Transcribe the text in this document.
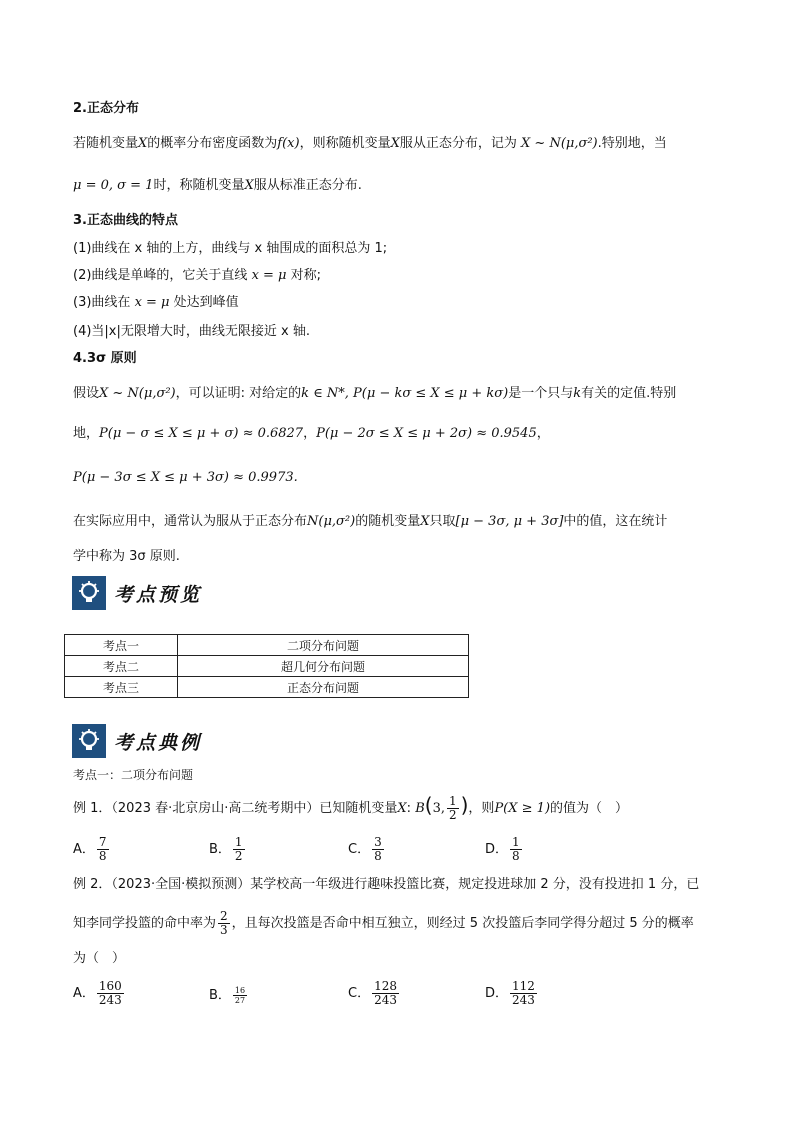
2.正态分布
若随机变量X的概率分布密度函数为f(x)，则称随机变量X服从正态分布，记为 X ~ N(μ,σ²).特别地，当
μ = 0, σ = 1时，称随机变量X服从标准正态分布.
3.正态曲线的特点
(1)曲线在 x 轴的上方，曲线与 x 轴围成的面积总为 1;
(2)曲线是单峰的，它关于直线 x = μ 对称;
(3)曲线在 x = μ 处达到峰值
(4)当|x|无限增大时，曲线无限接近 x 轴.
4.3σ 原则
假设X ~ N(μ,σ²)，可以证明: 对给定的k ∈ N*, P(μ − kσ ≤ X ≤ μ + kσ)是一个只与k有关的定值.特别
地，P(μ − σ ≤ X ≤ μ + σ) ≈ 0.6827，P(μ − 2σ ≤ X ≤ μ + 2σ) ≈ 0.9545，
P(μ − 3σ ≤ X ≤ μ + 3σ) ≈ 0.9973.
在实际应用中，通常认为服从于正态分布N(μ,σ²)的随机变量X只取[μ − 3σ, μ + 3σ]中的值，这在统计
学中称为 3σ 原则.
考点预览
考点一	二项分布问题
考点二	超几何分布问题
考点三	正态分布问题
考点典例
考点一：二项分布问题
例 1．（2023 春·北京房山·高二统考期中）已知随机变量X: B(3, $\frac{1}{2}$ )，则P(X ≥ 1)的值为（　）
A． $\frac{7}{8}$	B． $\frac{1}{2}$	C． $\frac{3}{8}$	D． $\frac{1}{8}$
例 2．（2023·全国·模拟预测）某学校高一年级进行趣味投篮比赛，规定投进球加 2 分，没有投进扣 1 分，已
知李同学投篮的命中率为 $\frac{2}{3}$ ，且每次投篮是否命中相互独立，则经过 5 次投篮后李同学得分超过 5 分的概率
为（　）
A． $\frac{160}{243}$	B． $\frac{16}{27}$	C． $\frac{128}{243}$	D． $\frac{112}{243}$
